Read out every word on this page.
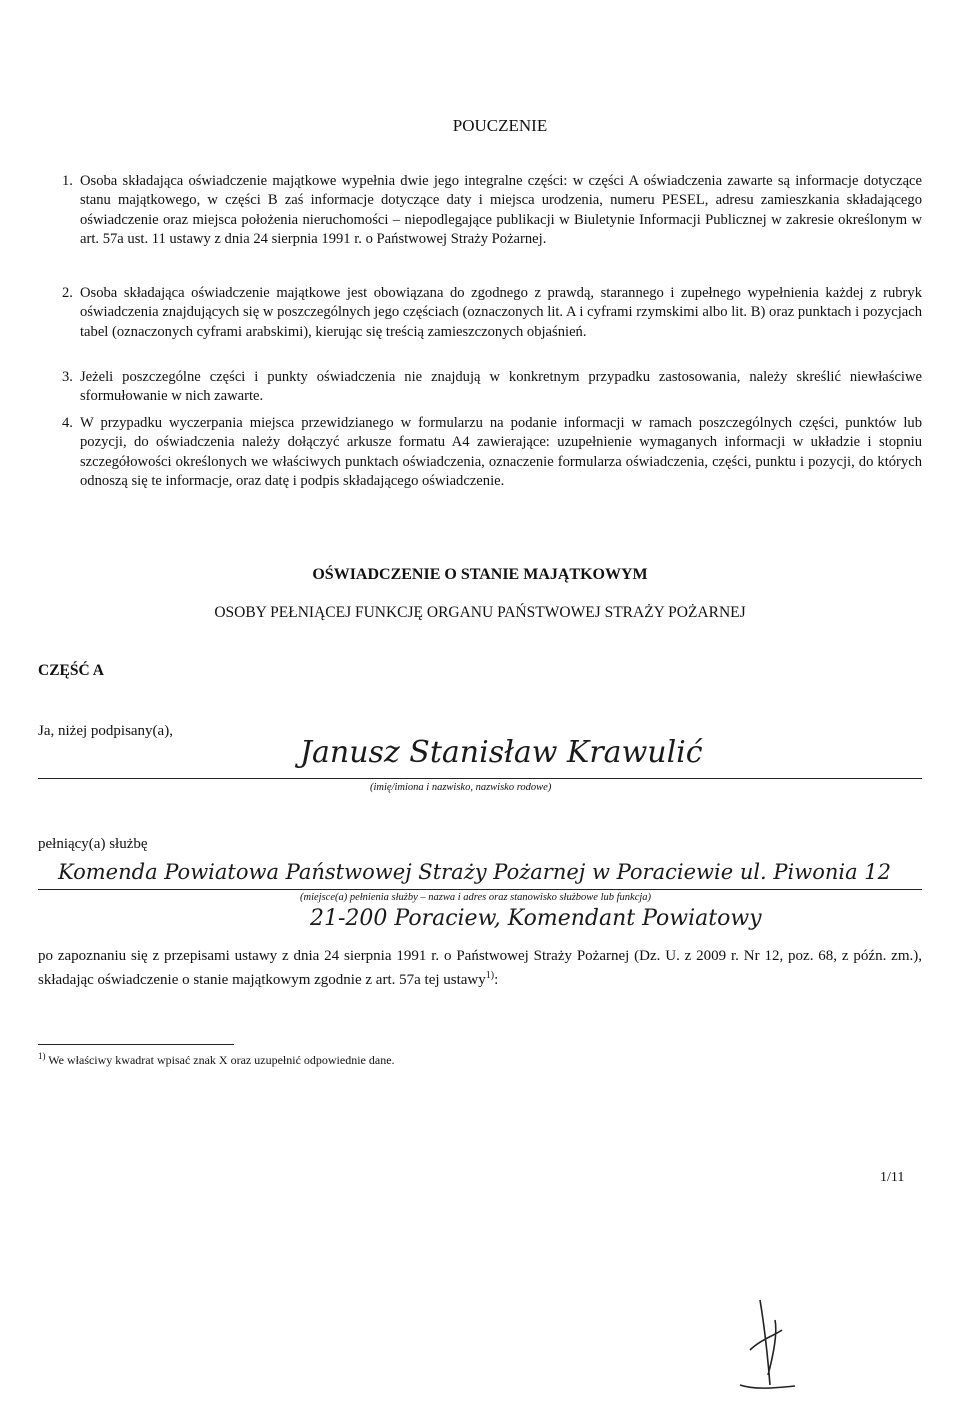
POUCZENIE
1. Osoba składająca oświadczenie majątkowe wypełnia dwie jego integralne części: w części A oświadczenia zawarte są informacje dotyczące stanu majątkowego, w części B zaś informacje dotyczące daty i miejsca urodzenia, numeru PESEL, adresu zamieszkania składającego oświadczenie oraz miejsca położenia nieruchomości – niepodlegające publikacji w Biuletynie Informacji Publicznej w zakresie określonym w art. 57a ust. 11 ustawy z dnia 24 sierpnia 1991 r. o Państwowej Straży Pożarnej.
2. Osoba składająca oświadczenie majątkowe jest obowiązana do zgodnego z prawdą, starannego i zupełnego wypełnienia każdej z rubryk oświadczenia znajdujących się w poszczególnych jego częściach (oznaczonych lit. A i cyframi rzymskimi albo lit. B) oraz punktach i pozycjach tabel (oznaczonych cyframi arabskimi), kierując się treścią zamieszczonych objaśnień.
3. Jeżeli poszczególne części i punkty oświadczenia nie znajdują w konkretnym przypadku zastosowania, należy skreślić niewłaściwe sformułowanie w nich zawarte.
4. W przypadku wyczerpania miejsca przewidzianego w formularzu na podanie informacji w ramach poszczególnych części, punktów lub pozycji, do oświadczenia należy dołączyć arkusze formatu A4 zawierające: uzupełnienie wymaganych informacji w układzie i stopniu szczegółowości określonych we właściwych punktach oświadczenia, oznaczenie formularza oświadczenia, części, punktu i pozycji, do których odnoszą się te informacje, oraz datę i podpis składającego oświadczenie.
OŚWIADCZENIE O STANIE MAJĄTKOWYM
OSOBY PEŁNIĄCEJ FUNKCJĘ ORGANU PAŃSTWOWEJ STRAŻY POŻARNEJ
CZĘŚĆ A
Ja, niżej podpisany(a),
Janusz Stanisław Krawulić
(imię/imiona i nazwisko, nazwisko rodowe)
pełniący(a) służbę
Komenda Powiatowa Państwowej Straży Pożarnej w Poraciewie ul. Piwonia 12
(miejsce(a) pełnienia służby – nazwa i adres oraz stanowisko służbowe lub funkcja)
21-200 Poraciew, Komendant Powiatowy
po zapoznaniu się z przepisami ustawy z dnia 24 sierpnia 1991 r. o Państwowej Straży Pożarnej (Dz. U. z 2009 r. Nr 12, poz. 68, z późn. zm.), składając oświadczenie o stanie majątkowym zgodnie z art. 57a tej ustawy$^{1)}$:
$^{1)}$ We właściwy kwadrat wpisać znak X oraz uzupełnić odpowiednie dane.
1/11
